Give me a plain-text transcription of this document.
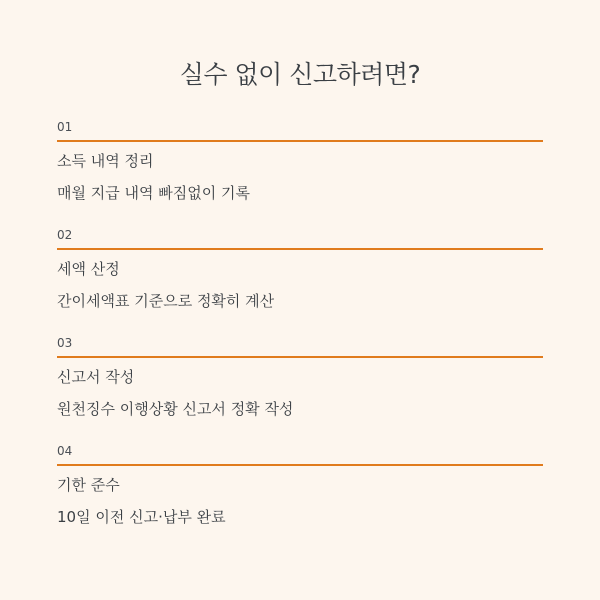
실수 없이 신고하려면?
01
소득 내역 정리
매월 지급 내역 빠짐없이 기록
02
세액 산정
간이세액표 기준으로 정확히 계산
03
신고서 작성
원천징수 이행상황 신고서 정확 작성
04
기한 준수
10일 이전 신고·납부 완료
